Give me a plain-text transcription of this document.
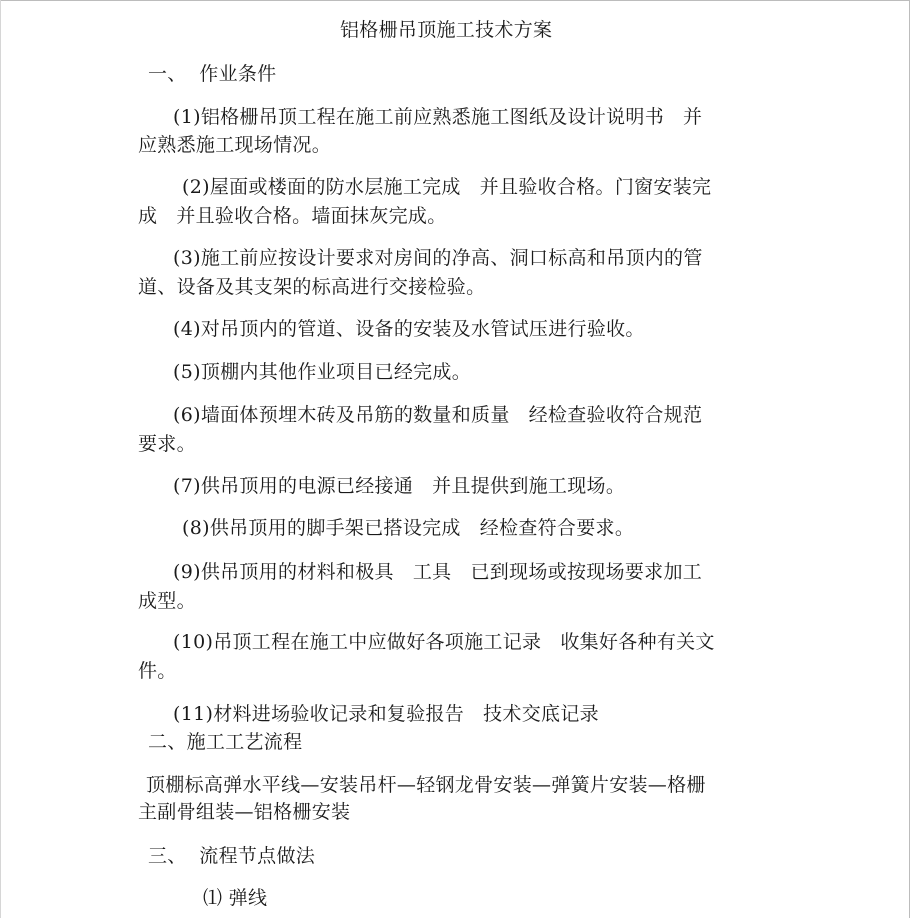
铝格栅吊顶施工技术方案
一、  作业条件
(1)铝格栅吊顶工程在施工前应熟悉施工图纸及设计说明书   并
应熟悉施工现场情况。
(2)屋面或楼面的防水层施工完成   并且验收合格。门窗安装完
成   并且验收合格。墙面抹灰完成。
(3)施工前应按设计要求对房间的净高、洞口标高和吊顶内的管
道、设备及其支架的标高进行交接检验。
(4)对吊顶内的管道、设备的安装及水管试压进行验收。
(5)顶棚内其他作业项目已经完成。
(6)墙面体预埋木砖及吊筋的数量和质量   经检查验收符合规范
要求。
(7)供吊顶用的电源已经接通   并且提供到施工现场。
(8)供吊顶用的脚手架已搭设完成   经检查符合要求。
(9)供吊顶用的材料和极具   工具   已到现场或按现场要求加工
成型。
(10)吊顶工程在施工中应做好各项施工记录   收集好各种有关文
件。
(11)材料进场验收记录和复验报告   技术交底记录
二、施工工艺流程
顶棚标高弹水平线—安装吊杆—轻钢龙骨安装—弹簧片安装—格栅
主副骨组装—铝格栅安装
三、  流程节点做法
⑴ 弹线
